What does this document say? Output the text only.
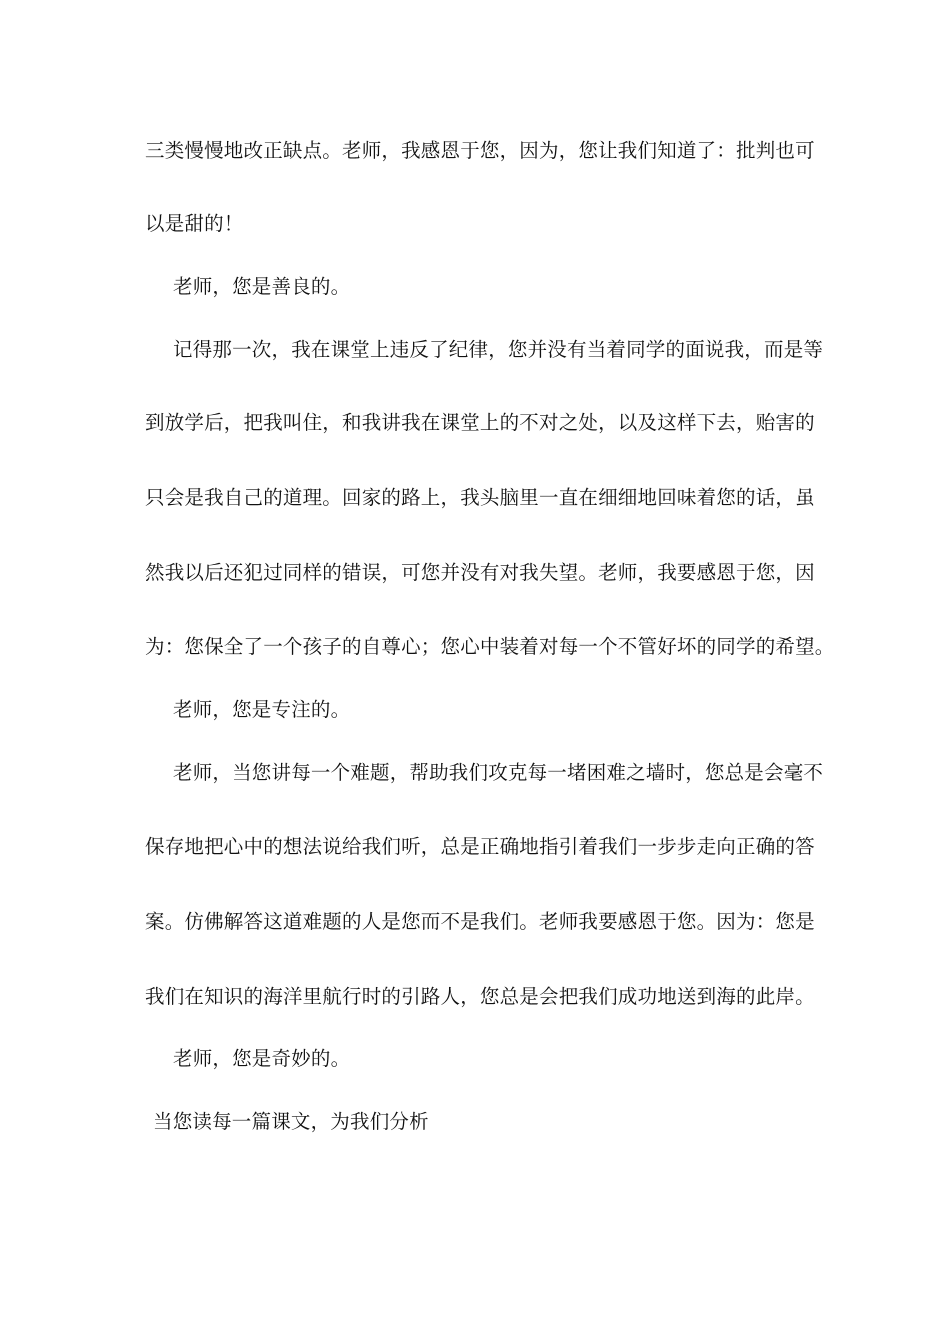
三类慢慢地改正缺点。老师，我感恩于您，因为，您让我们知道了：批判也可
以是甜的！
老师，您是善良的。
记得那一次，我在课堂上违反了纪律，您并没有当着同学的面说我，而是等
到放学后，把我叫住，和我讲我在课堂上的不对之处，以及这样下去，贻害的
只会是我自己的道理。回家的路上，我头脑里一直在细细地回味着您的话，虽
然我以后还犯过同样的错误，可您并没有对我失望。老师，我要感恩于您，因
为：您保全了一个孩子的自尊心；您心中装着对每一个不管好坏的同学的希望。
老师，您是专注的。
老师，当您讲每一个难题，帮助我们攻克每一堵困难之墙时，您总是会毫不
保存地把心中的想法说给我们听，总是正确地指引着我们一步步走向正确的答
案。仿佛解答这道难题的人是您而不是我们。老师我要感恩于您。因为：您是
我们在知识的海洋里航行时的引路人，您总是会把我们成功地送到海的此岸。
老师，您是奇妙的。
当您读每一篇课文，为我们分析
